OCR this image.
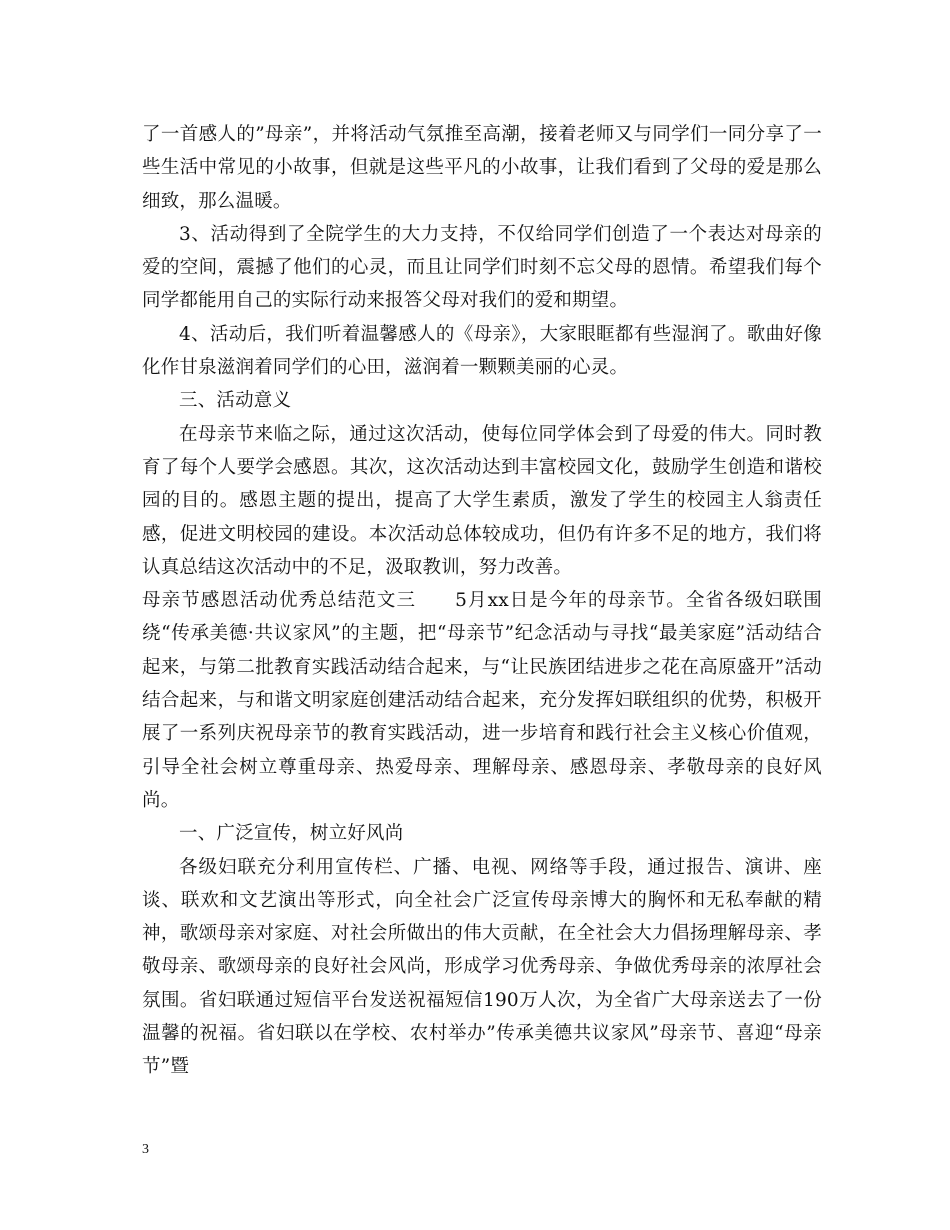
了一首感人的”母亲”，并将活动气氛推至高潮，接着老师又与同学们一同分享了一些生活中常见的小故事，但就是这些平凡的小故事，让我们看到了父母的爱是那么细致，那么温暖。

3、活动得到了全院学生的大力支持，不仅给同学们创造了一个表达对母亲的爱的空间，震撼了他们的心灵，而且让同学们时刻不忘父母的恩情。希望我们每个同学都能用自己的实际行动来报答父母对我们的爱和期望。

4、活动后，我们听着温馨感人的《母亲》，大家眼眶都有些湿润了。歌曲好像化作甘泉滋润着同学们的心田，滋润着一颗颗美丽的心灵。

三、活动意义

在母亲节来临之际，通过这次活动，使每位同学体会到了母爱的伟大。同时教育了每个人要学会感恩。其次，这次活动达到丰富校园文化，鼓励学生创造和谐校园的目的。感恩主题的提出，提高了大学生素质，激发了学生的校园主人翁责任感，促进文明校园的建设。本次活动总体较成功，但仍有许多不足的地方，我们将认真总结这次活动中的不足，汲取教训，努力改善。

母亲节感恩活动优秀总结范文三　　5月xx日是今年的母亲节。全省各级妇联围绕“传承美德·共议家风”的主题，把“母亲节”纪念活动与寻找“最美家庭”活动结合起来，与第二批教育实践活动结合起来，与“让民族团结进步之花在高原盛开”活动结合起来，与和谐文明家庭创建活动结合起来，充分发挥妇联组织的优势，积极开展了一系列庆祝母亲节的教育实践活动，进一步培育和践行社会主义核心价值观，引导全社会树立尊重母亲、热爱母亲、理解母亲、感恩母亲、孝敬母亲的良好风尚。

一、广泛宣传，树立好风尚

各级妇联充分利用宣传栏、广播、电视、网络等手段，通过报告、演讲、座谈、联欢和文艺演出等形式，向全社会广泛宣传母亲博大的胸怀和无私奉献的精神，歌颂母亲对家庭、对社会所做出的伟大贡献，在全社会大力倡扬理解母亲、孝敬母亲、歌颂母亲的良好社会风尚，形成学习优秀母亲、争做优秀母亲的浓厚社会氛围。省妇联通过短信平台发送祝福短信190万人次，为全省广大母亲送去了一份温馨的祝福。省妇联以在学校、农村举办”传承美德共议家风”母亲节、喜迎“母亲节”暨

3
